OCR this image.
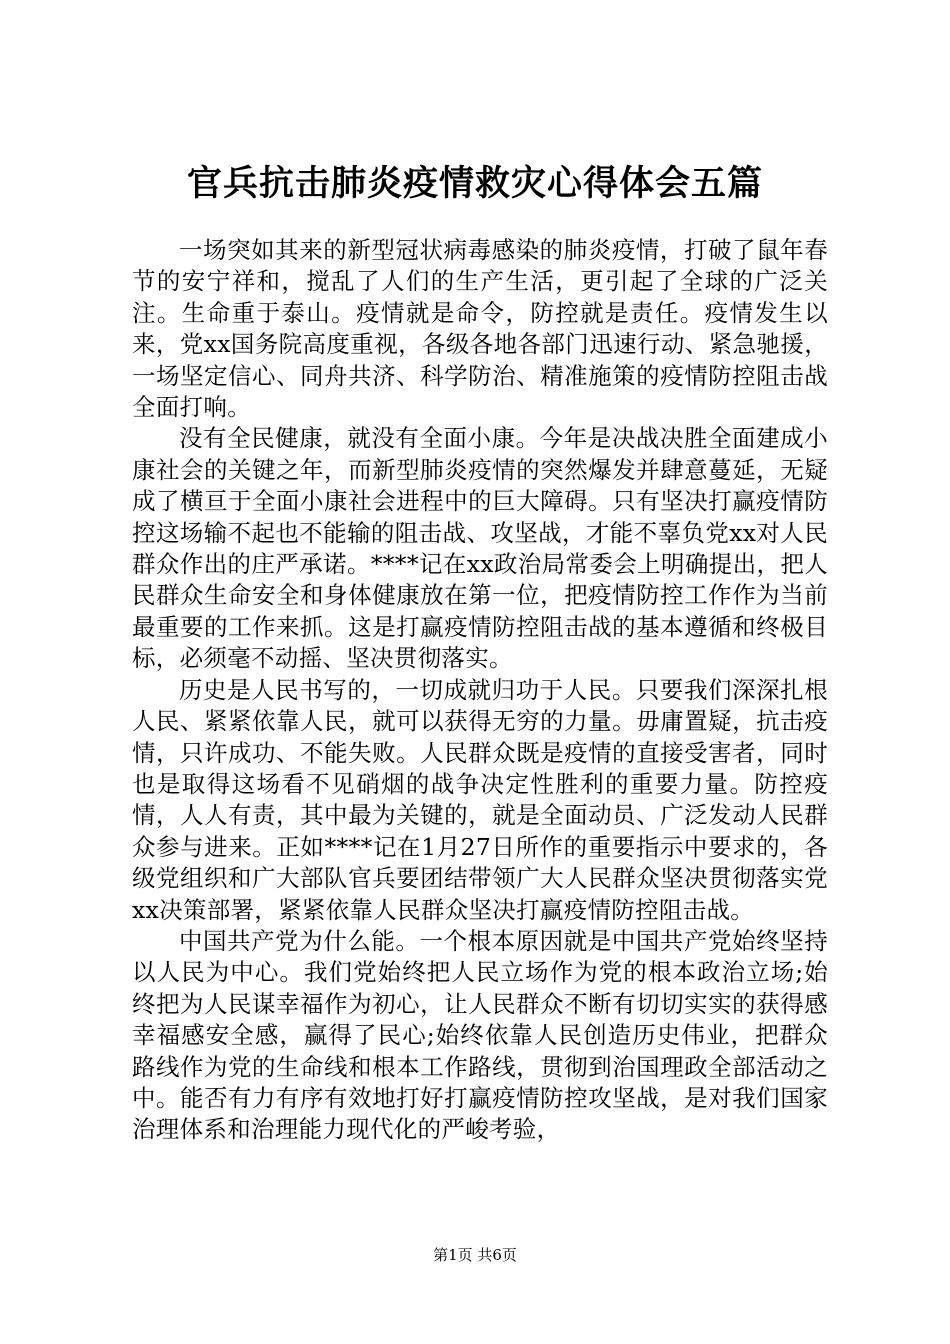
官兵抗击肺炎疫情救灾心得体会五篇

一场突如其来的新型冠状病毒感染的肺炎疫情，打破了鼠年春节的安宁祥和，搅乱了人们的生产生活，更引起了全球的广泛关注。生命重于泰山。疫情就是命令，防控就是责任。疫情发生以来，党xx国务院高度重视，各级各地各部门迅速行动、紧急驰援，一场坚定信心、同舟共济、科学防治、精准施策的疫情防控阻击战全面打响。

没有全民健康，就没有全面小康。今年是决战决胜全面建成小康社会的关键之年，而新型肺炎疫情的突然爆发并肆意蔓延，无疑成了横亘于全面小康社会进程中的巨大障碍。只有坚决打赢疫情防控这场输不起也不能输的阻击战、攻坚战，才能不辜负党xx对人民群众作出的庄严承诺。****记在xx政治局常委会上明确提出，把人民群众生命安全和身体健康放在第一位，把疫情防控工作作为当前最重要的工作来抓。这是打赢疫情防控阻击战的基本遵循和终极目标，必须毫不动摇、坚决贯彻落实。

历史是人民书写的，一切成就归功于人民。只要我们深深扎根人民、紧紧依靠人民，就可以获得无穷的力量。毋庸置疑，抗击疫情，只许成功、不能失败。人民群众既是疫情的直接受害者，同时也是取得这场看不见硝烟的战争决定性胜利的重要力量。防控疫情，人人有责，其中最为关键的，就是全面动员、广泛发动人民群众参与进来。正如****记在1月27日所作的重要指示中要求的，各级党组织和广大部队官兵要团结带领广大人民群众坚决贯彻落实党xx决策部署，紧紧依靠人民群众坚决打赢疫情防控阻击战。

中国共产党为什么能。一个根本原因就是中国共产党始终坚持以人民为中心。我们党始终把人民立场作为党的根本政治立场;始终把为人民谋幸福作为初心，让人民群众不断有切切实实的获得感幸福感安全感，赢得了民心;始终依靠人民创造历史伟业，把群众路线作为党的生命线和根本工作路线，贯彻到治国理政全部活动之中。能否有力有序有效地打好打赢疫情防控攻坚战，是对我们国家治理体系和治理能力现代化的严峻考验，

第1页 共6页
